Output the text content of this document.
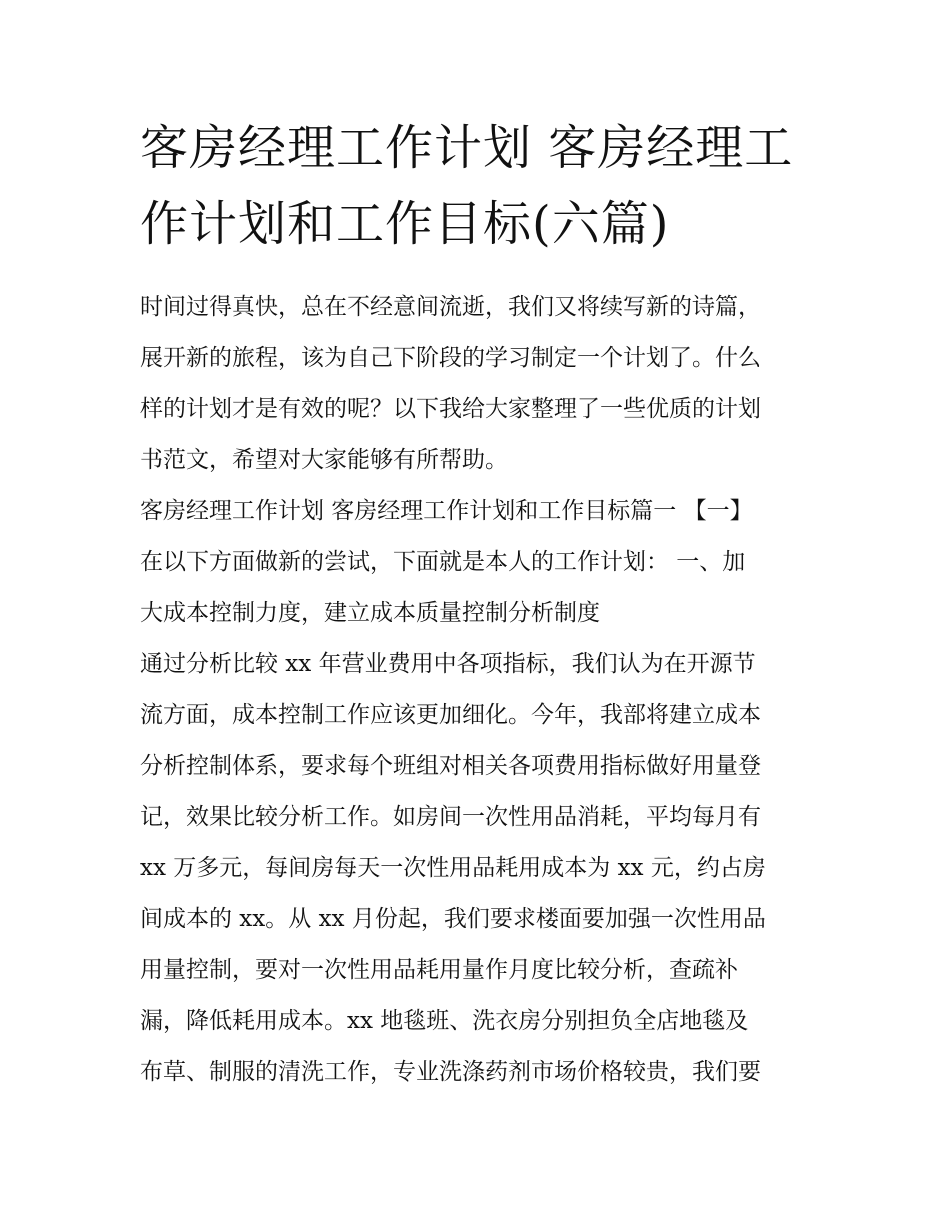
客房经理工作计划 客房经理工
作计划和工作目标(六篇)

时间过得真快，总在不经意间流逝，我们又将续写新的诗篇，
展开新的旅程，该为自己下阶段的学习制定一个计划了。什么
样的计划才是有效的呢？以下我给大家整理了一些优质的计划
书范文，希望对大家能够有所帮助。

客房经理工作计划 客房经理工作计划和工作目标篇一 【一】
在以下方面做新的尝试，下面就是本人的工作计划： 一、加
大成本控制力度，建立成本质量控制分析制度

通过分析比较 xx 年营业费用中各项指标，我们认为在开源节
流方面，成本控制工作应该更加细化。今年，我部将建立成本
分析控制体系，要求每个班组对相关各项费用指标做好用量登
记，效果比较分析工作。如房间一次性用品消耗，平均每月有
xx 万多元，每间房每天一次性用品耗用成本为 xx 元，约占房
间成本的 xx。从 xx 月份起，我们要求楼面要加强一次性用品
用量控制，要对一次性用品耗用量作月度比较分析，查疏补
漏，降低耗用成本。xx 地毯班、洗衣房分别担负全店地毯及
布草、制服的清洗工作，专业洗涤药剂市场价格较贵，我们要
